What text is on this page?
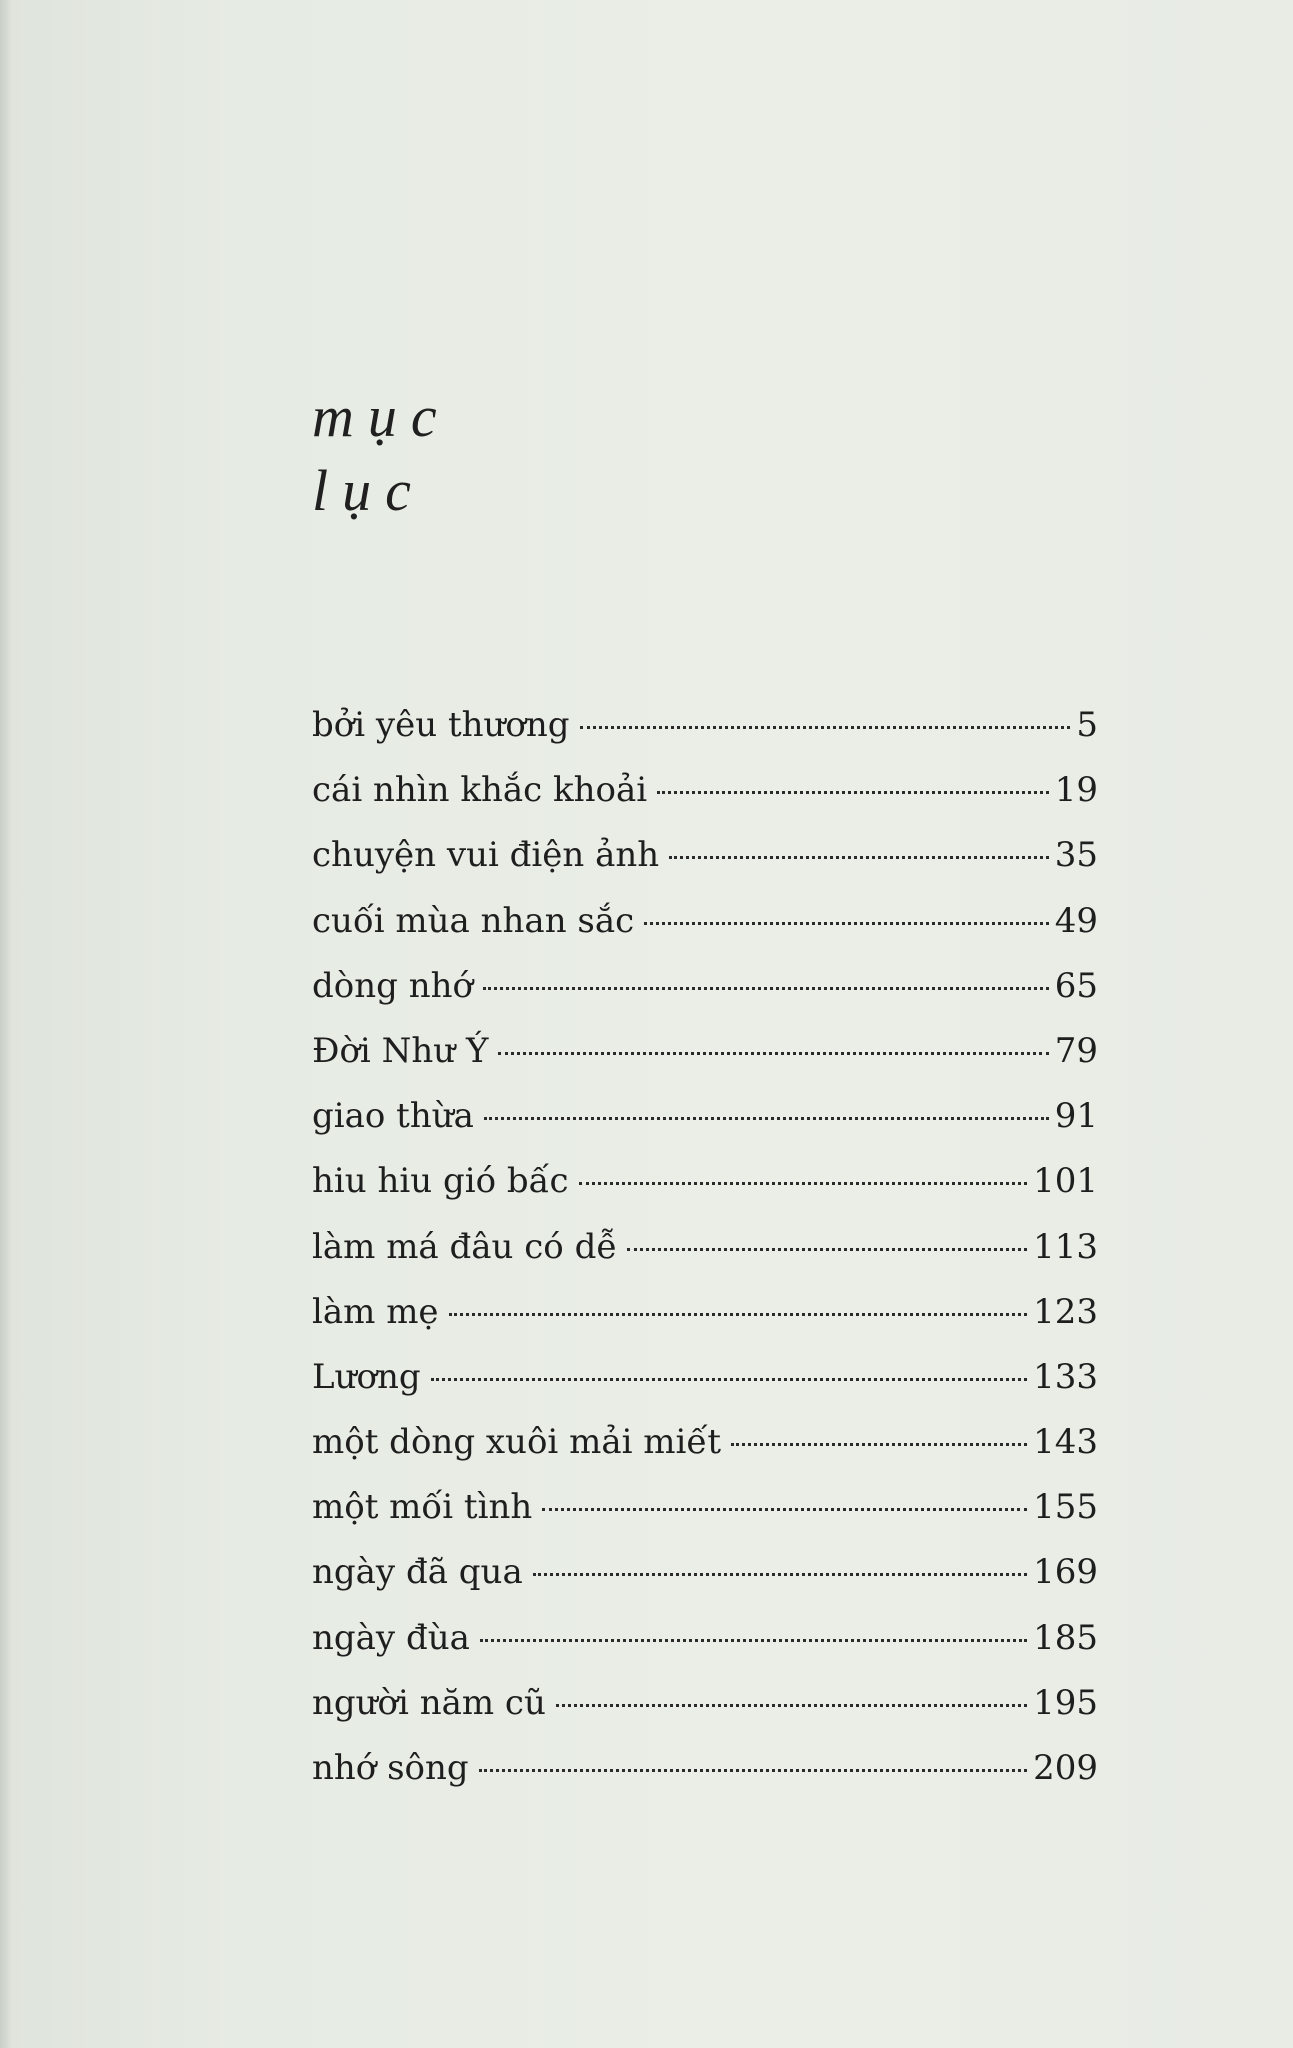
mục
lục
bởi yêu thương	5
cái nhìn khắc khoải	19
chuyện vui điện ảnh	35
cuối mùa nhan sắc	49
dòng nhớ	65
Đời Như Ý	79
giao thừa	91
hiu hiu gió bấc	101
làm má đâu có dễ	113
làm mẹ	123
Lương	133
một dòng xuôi mải miết	143
một mối tình	155
ngày đã qua	169
ngày đùa	185
người năm cũ	195
nhớ sông	209
